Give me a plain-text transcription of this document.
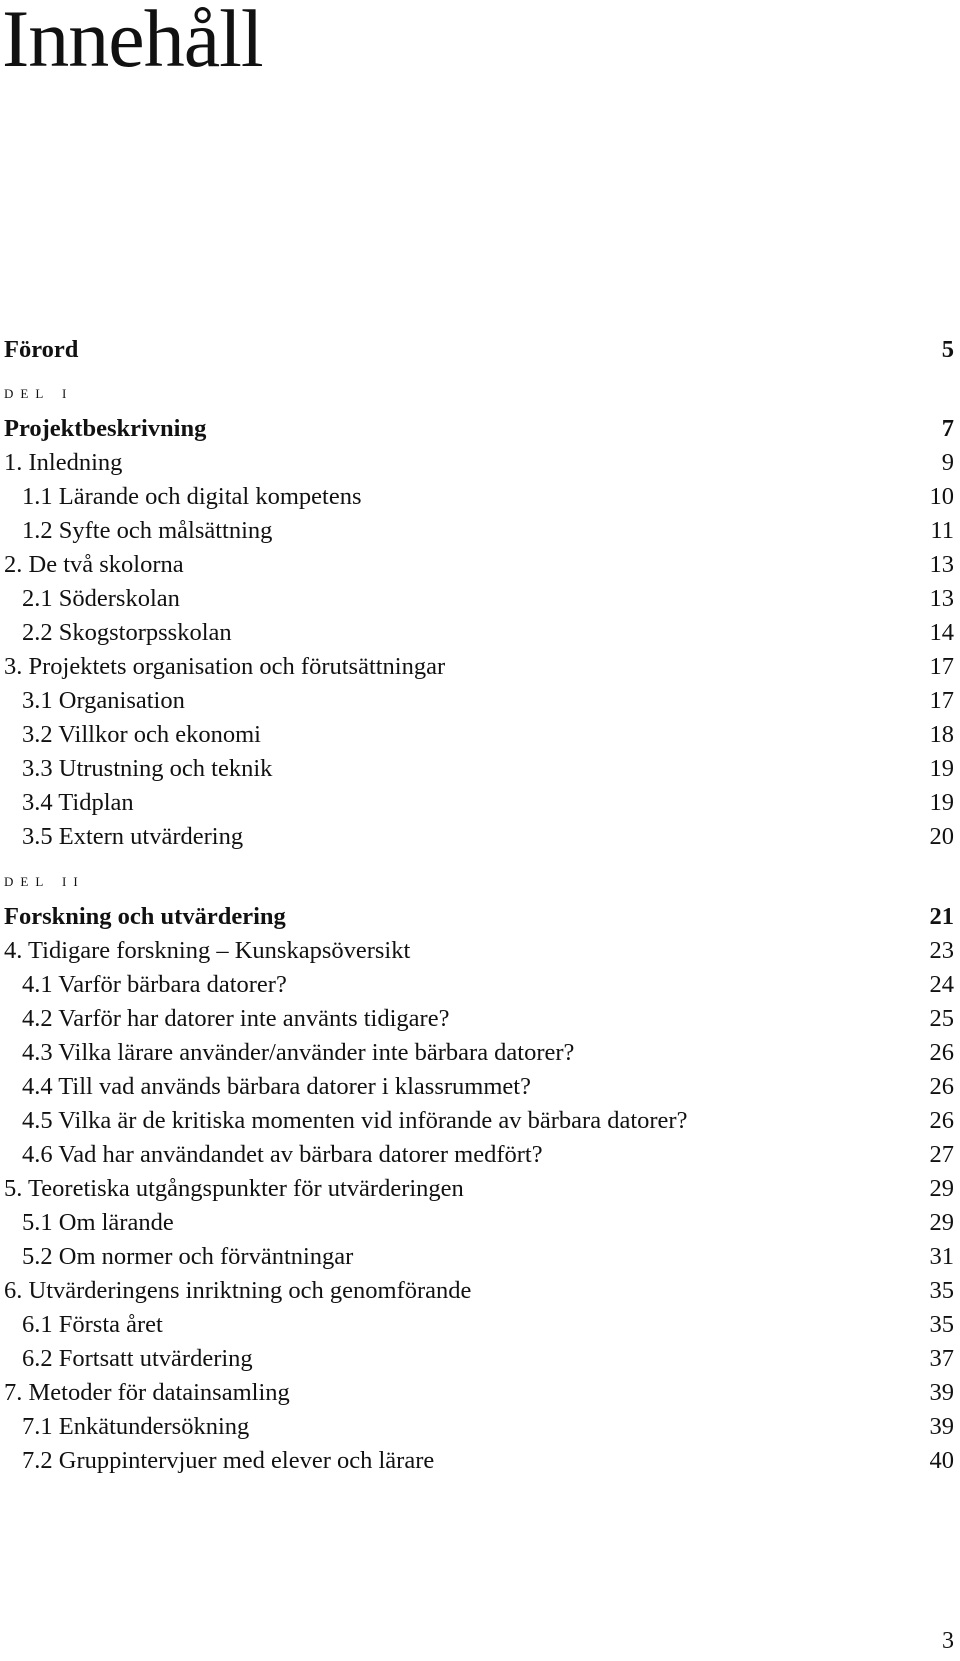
Innehåll
Förord	5
del i
Projektbeskrivning	7
1. Inledning	9
1.1 Lärande och digital kompetens	10
1.2 Syfte och målsättning	11
2. De två skolorna	13
2.1 Söderskolan	13
2.2 Skogstorpsskolan	14
3. Projektets organisation och förutsättningar	17
3.1 Organisation	17
3.2 Villkor och ekonomi	18
3.3 Utrustning och teknik	19
3.4 Tidplan	19
3.5 Extern utvärdering	20
del ii
Forskning och utvärdering	21
4. Tidigare forskning – Kunskapsöversikt	23
4.1 Varför bärbara datorer?	24
4.2 Varför har datorer inte använts tidigare?	25
4.3 Vilka lärare använder/använder inte bärbara datorer?	26
4.4 Till vad används bärbara datorer i klassrummet?	26
4.5 Vilka är de kritiska momenten vid införande av bärbara datorer?	26
4.6 Vad har användandet av bärbara datorer medfört?	27
5. Teoretiska utgångspunkter för utvärderingen	29
5.1 Om lärande	29
5.2 Om normer och förväntningar	31
6. Utvärderingens inriktning och genomförande	35
6.1 Första året	35
6.2 Fortsatt utvärdering	37
7. Metoder för datainsamling	39
7.1 Enkätundersökning	39
7.2 Gruppintervjuer med elever och lärare	40
3
